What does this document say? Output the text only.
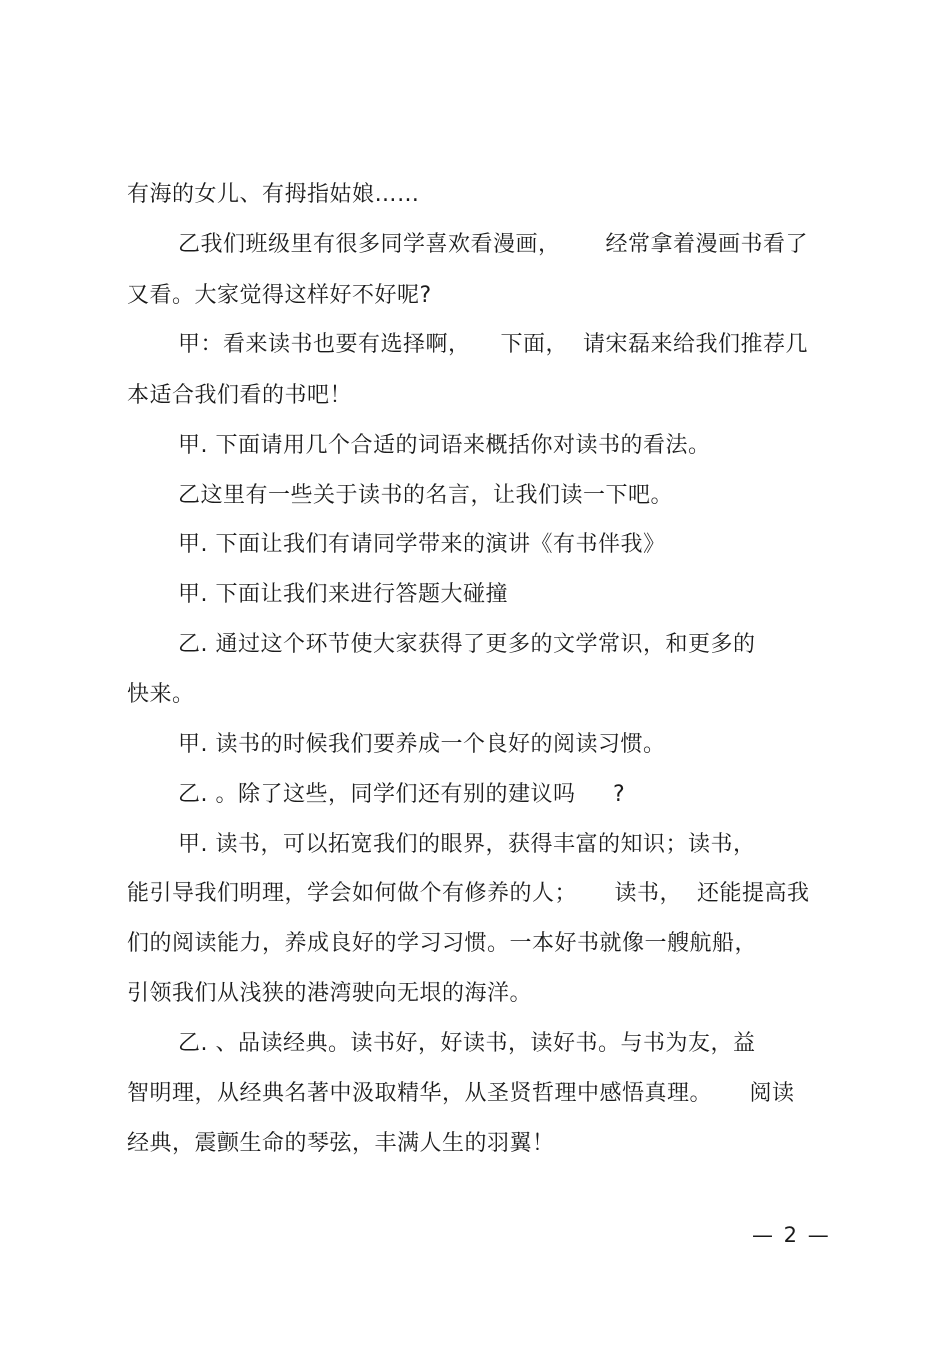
有海的女儿、有拇指姑娘……
乙我们班级里有很多同学喜欢看漫画，      经常拿着漫画书看了
又看。大家觉得这样好不好呢?
甲：看来读书也要有选择啊，    下面，  请宋磊来给我们推荐几
本适合我们看的书吧！
甲. 下面请用几个合适的词语来概括你对读书的看法。
乙这里有一些关于读书的名言，让我们读一下吧。
甲. 下面让我们有请同学带来的演讲《有书伴我》
甲. 下面让我们来进行答题大碰撞
乙. 通过这个环节使大家获得了更多的文学常识，和更多的
快来。
甲. 读书的时候我们要养成一个良好的阅读习惯。
乙. 。除了这些，同学们还有别的建议吗     ?
甲. 读书，可以拓宽我们的眼界，获得丰富的知识；读书，
能引导我们明理，学会如何做个有修养的人；     读书，  还能提高我
们的阅读能力，养成良好的学习习惯。一本好书就像一艘航船，
引领我们从浅狭的港湾驶向无垠的海洋。
乙. 、品读经典。读书好，好读书，读好书。与书为友，益
智明理，从经典名著中汲取精华，从圣贤哲理中感悟真理。     阅读
经典，震颤生命的琴弦，丰满人生的羽翼！
— 2 —
